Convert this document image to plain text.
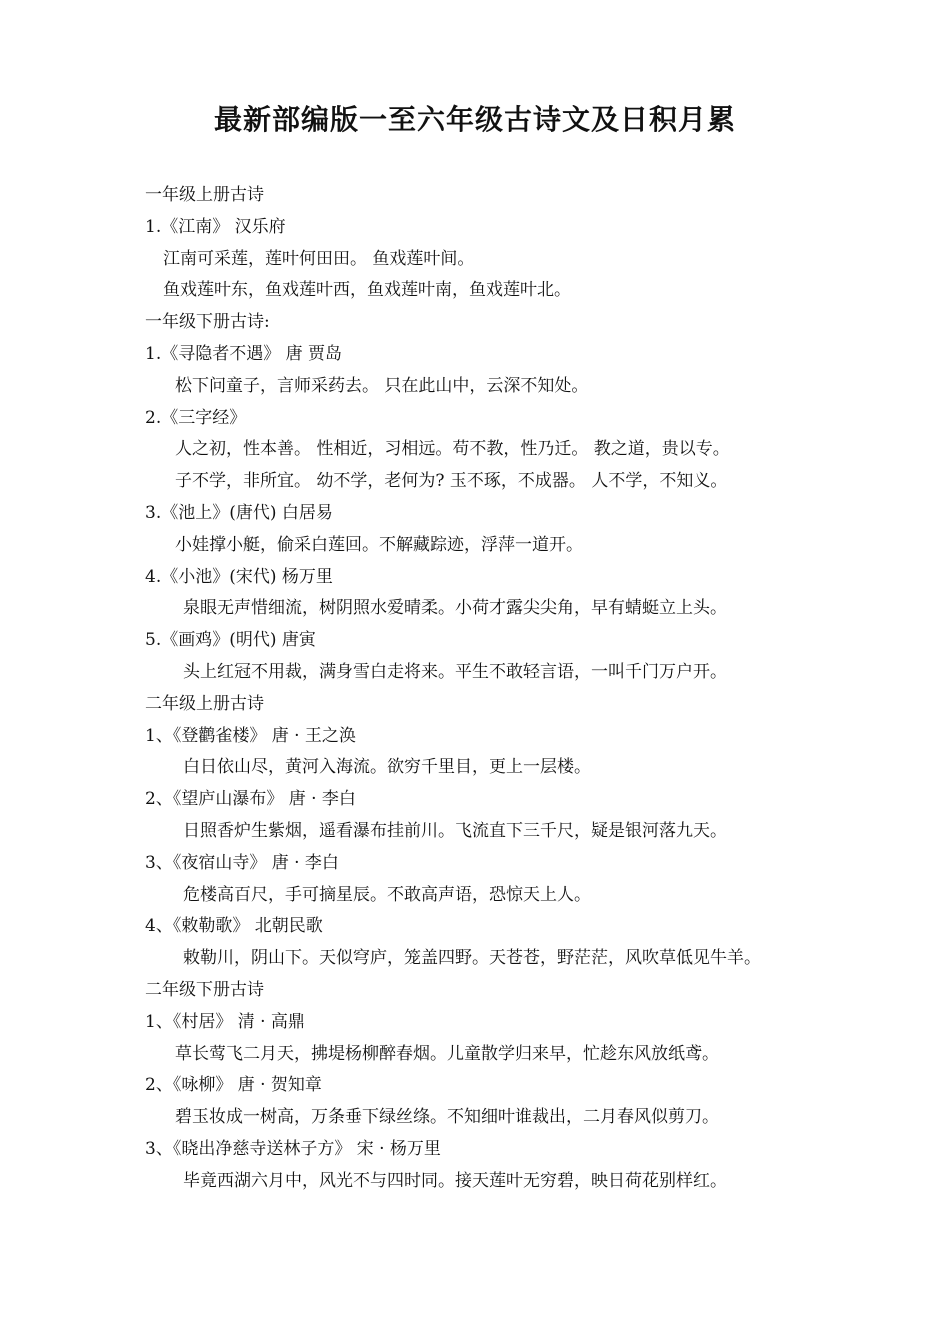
最新部编版一至六年级古诗文及日积月累
一年级上册古诗
1.《江南》 汉乐府
江南可采莲，莲叶何田田。 鱼戏莲叶间。
鱼戏莲叶东，鱼戏莲叶西，鱼戏莲叶南，鱼戏莲叶北。
一年级下册古诗:
1.《寻隐者不遇》 唐 贾岛
松下问童子，言师采药去。 只在此山中，云深不知处。
2.《三字经》
人之初，性本善。 性相近，习相远。苟不教，性乃迁。 教之道，贵以专。
子不学，非所宜。 幼不学，老何为? 玉不琢，不成器。 人不学，不知义。
3.《池上》(唐代) 白居易
小娃撑小艇，偷采白莲回。不解藏踪迹，浮萍一道开。
4.《小池》(宋代) 杨万里
泉眼无声惜细流，树阴照水爱晴柔。小荷才露尖尖角，早有蜻蜓立上头。
5.《画鸡》(明代) 唐寅
头上红冠不用裁，满身雪白走将来。平生不敢轻言语，一叫千门万户开。
二年级上册古诗
1、《登鹳雀楼》 唐 · 王之涣
白日依山尽，黄河入海流。欲穷千里目，更上一层楼。
2、《望庐山瀑布》 唐 · 李白
日照香炉生紫烟，遥看瀑布挂前川。飞流直下三千尺，疑是银河落九天。
3、《夜宿山寺》 唐 · 李白
危楼高百尺，手可摘星辰。不敢高声语，恐惊天上人。
4、《敕勒歌》 北朝民歌
敕勒川，阴山下。天似穹庐，笼盖四野。天苍苍，野茫茫，风吹草低见牛羊。
二年级下册古诗
1、《村居》 清 · 高鼎
草长莺飞二月天，拂堤杨柳醉春烟。儿童散学归来早，忙趁东风放纸鸢。
2、《咏柳》 唐 · 贺知章
碧玉妆成一树高，万条垂下绿丝绦。不知细叶谁裁出，二月春风似剪刀。
3、《晓出净慈寺送林子方》 宋 · 杨万里
毕竟西湖六月中，风光不与四时同。接天莲叶无穷碧，映日荷花别样红。
